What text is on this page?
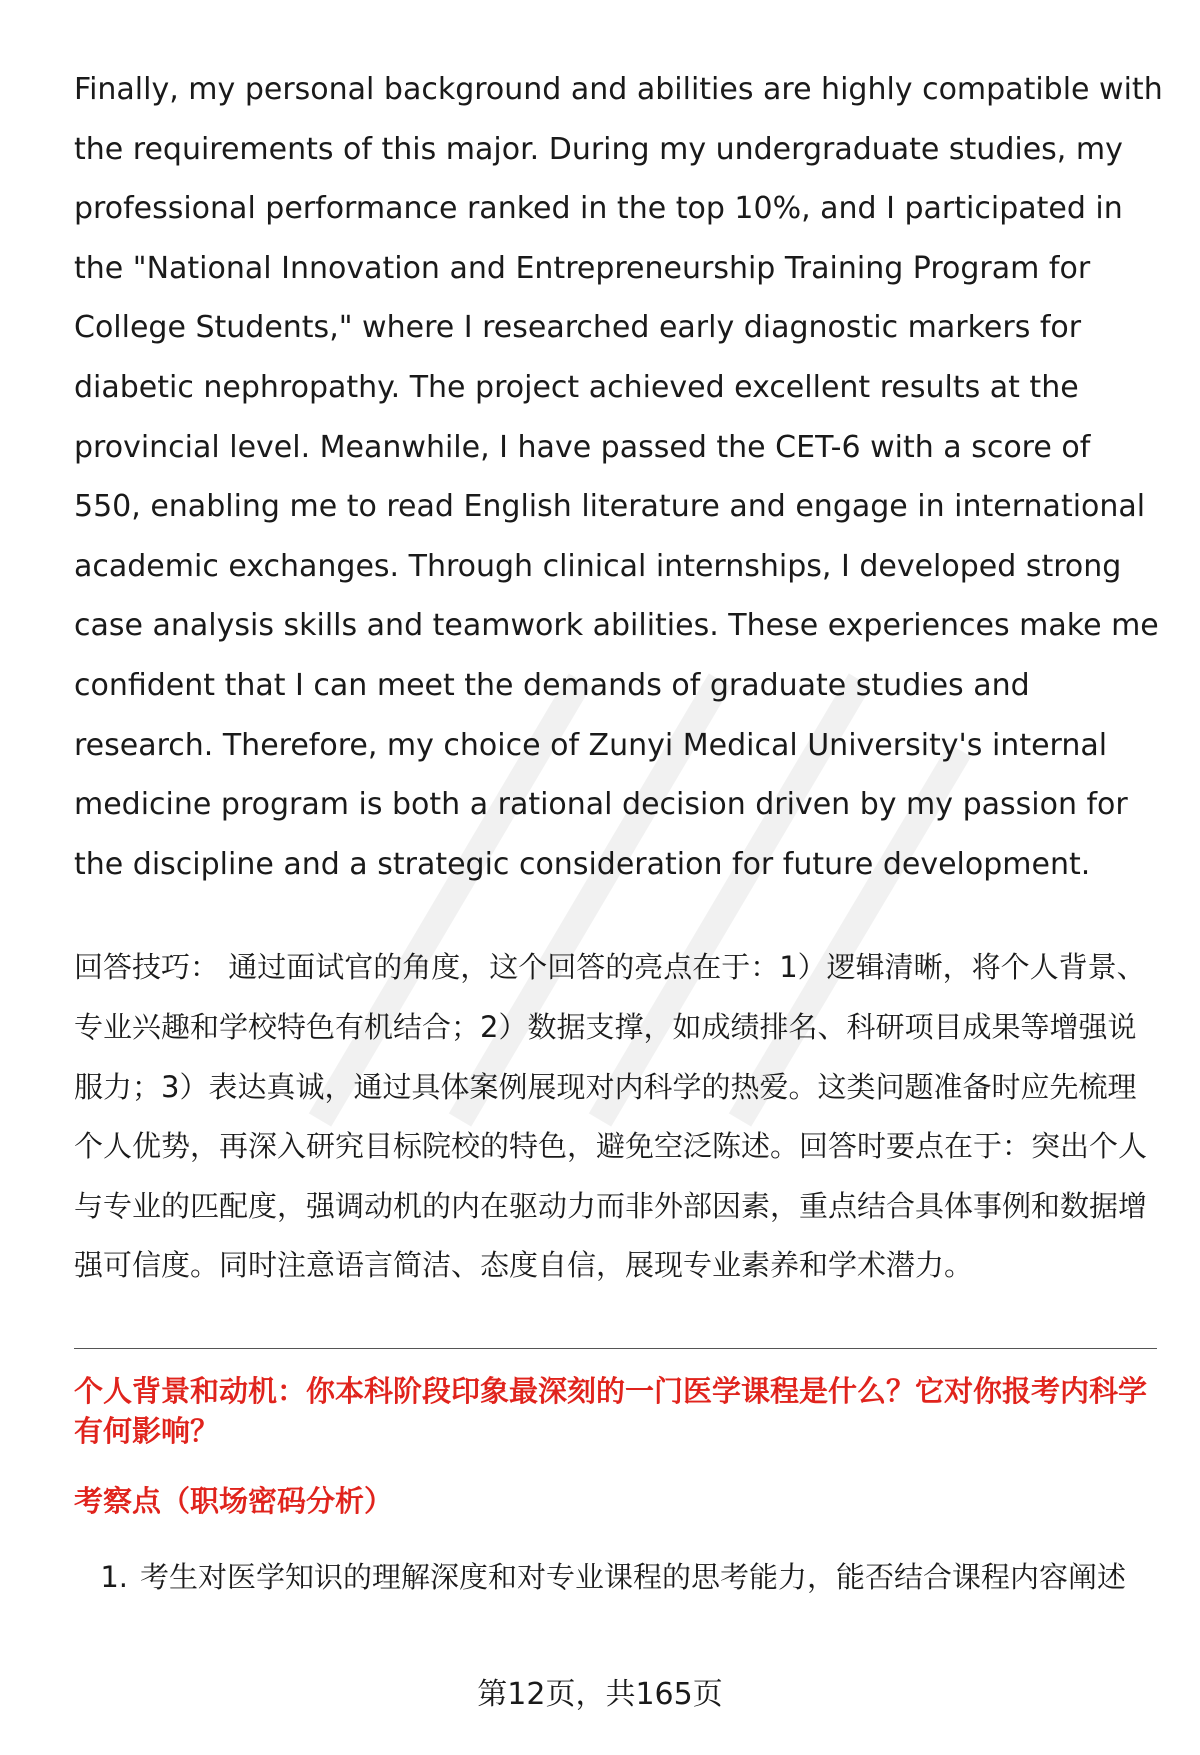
Finally, my personal background and abilities are highly compatible with the requirements of this major. During my undergraduate studies, my professional performance ranked in the top 10%, and I participated in the "National Innovation and Entrepreneurship Training Program for College Students," where I researched early diagnostic markers for diabetic nephropathy. The project achieved excellent results at the provincial level. Meanwhile, I have passed the CET-6 with a score of 550, enabling me to read English literature and engage in international academic exchanges. Through clinical internships, I developed strong case analysis skills and teamwork abilities. These experiences make me confident that I can meet the demands of graduate studies and research. Therefore, my choice of Zunyi Medical University's internal medicine program is both a rational decision driven by my passion for the discipline and a strategic consideration for future development.

回答技巧： 通过面试官的角度，这个回答的亮点在于：1）逻辑清晰，将个人背景、专业兴趣和学校特色有机结合；2）数据支撑，如成绩排名、科研项目成果等增强说服力；3）表达真诚，通过具体案例展现对内科学的热爱。这类问题准备时应先梳理个人优势，再深入研究目标院校的特色，避免空泛陈述。回答时要点在于：突出个人与专业的匹配度，强调动机的内在驱动力而非外部因素，重点结合具体事例和数据增强可信度。同时注意语言简洁、态度自信，展现专业素养和学术潜力。

个人背景和动机：你本科阶段印象最深刻的一门医学课程是什么？它对你报考内科学有何影响？
考察点（职场密码分析）
1. 考生对医学知识的理解深度和对专业课程的思考能力，能否结合课程内容阐述
第12页，共165页
